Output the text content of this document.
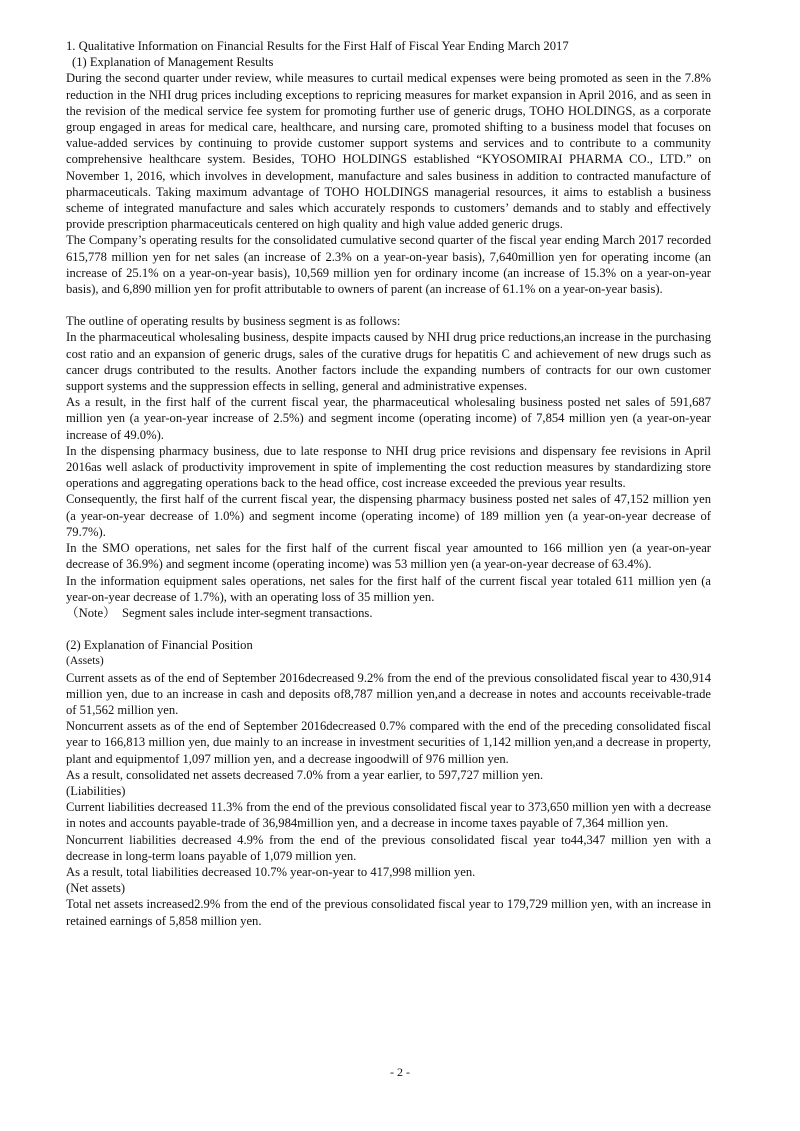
1. Qualitative Information on Financial Results for the First Half of Fiscal Year Ending March 2017

(1) Explanation of Management Results

During the second quarter under review, while measures to curtail medical expenses were being promoted as seen in the 7.8% reduction in the NHI drug prices including exceptions to repricing measures for market expansion in April 2016, and as seen in the revision of the medical service fee system for promoting further use of generic drugs, TOHO HOLDINGS, as a corporate group engaged in areas for medical care, healthcare, and nursing care, promoted shifting to a business model that focuses on value-added services by continuing to provide customer support systems and services and to contribute to a community comprehensive healthcare system. Besides, TOHO HOLDINGS established “KYOSOMIRAI PHARMA CO., LTD.” on November 1, 2016, which involves in development, manufacture and sales business in addition to contracted manufacture of pharmaceuticals. Taking maximum advantage of TOHO HOLDINGS managerial resources, it aims to establish a business scheme of integrated manufacture and sales which accurately responds to customers’ demands and to stably and effectively provide prescription pharmaceuticals centered on high quality and high value added generic drugs.

The Company’s operating results for the consolidated cumulative second quarter of the fiscal year ending March 2017 recorded 615,778 million yen for net sales (an increase of 2.3% on a year-on-year basis), 7,640million yen for operating income (an increase of 25.1% on a year-on-year basis), 10,569 million yen for ordinary income (an increase of 15.3% on a year-on-year basis), and 6,890 million yen for profit attributable to owners of parent (an increase of 61.1% on a year-on-year basis).

The outline of operating results by business segment is as follows:

In the pharmaceutical wholesaling business, despite impacts caused by NHI drug price reductions,an increase in the purchasing cost ratio and an expansion of generic drugs, sales of the curative drugs for hepatitis C and achievement of new drugs such as cancer drugs contributed to the results. Another factors include the expanding numbers of contracts for our own customer support systems and the suppression effects in selling, general and administrative expenses.

As a result, in the first half of the current fiscal year, the pharmaceutical wholesaling business posted net sales of 591,687 million yen (a year-on-year increase of 2.5%) and segment income (operating income) of 7,854 million yen (a year-on-year increase of 49.0%).

In the dispensing pharmacy business, due to late response to NHI drug price revisions and dispensary fee revisions in April 2016as well aslack of productivity improvement in spite of implementing the cost reduction measures by standardizing store operations and aggregating operations back to the head office, cost increase exceeded the previous year results.

Consequently, the first half of the current fiscal year, the dispensing pharmacy business posted net sales of 47,152 million yen (a year-on-year decrease of 1.0%) and segment income (operating income) of 189 million yen (a year-on-year decrease of 79.7%).

In the SMO operations, net sales for the first half of the current fiscal year amounted to 166 million yen (a year-on-year decrease of 36.9%) and segment income (operating income) was 53 million yen (a year-on-year decrease of 63.4%).

In the information equipment sales operations, net sales for the first half of the current fiscal year totaled 611 million yen (a year-on-year decrease of 1.7%), with an operating loss of 35 million yen.

（Note）　Segment sales include inter-segment transactions.

(2) Explanation of Financial Position

(Assets)

Current assets as of the end of September 2016decreased 9.2% from the end of the previous consolidated fiscal year to 430,914 million yen, due to an increase in cash and deposits of8,787 million yen,and a decrease in notes and accounts receivable-trade of 51,562 million yen.

Noncurrent assets as of the end of September 2016decreased 0.7% compared with the end of the preceding consolidated fiscal year to 166,813 million yen, due mainly to an increase in investment securities of 1,142 million yen,and a decrease in property, plant and equipmentof 1,097 million yen, and a decrease ingoodwill of 976 million yen.

As a result, consolidated net assets decreased 7.0% from a year earlier, to 597,727 million yen.

(Liabilities)

Current liabilities decreased 11.3% from the end of the previous consolidated fiscal year to 373,650 million yen with a decrease in notes and accounts payable-trade of 36,984million yen, and a decrease in income taxes payable of 7,364 million yen.

Noncurrent liabilities decreased 4.9% from the end of the previous consolidated fiscal year to44,347 million yen with a decrease in long-term loans payable of 1,079 million yen.

As a result, total liabilities decreased 10.7% year-on-year to 417,998 million yen.

(Net assets)

Total net assets increased2.9% from the end of the previous consolidated fiscal year to 179,729 million yen, with an increase in retained earnings of 5,858 million yen.

- 2 -
